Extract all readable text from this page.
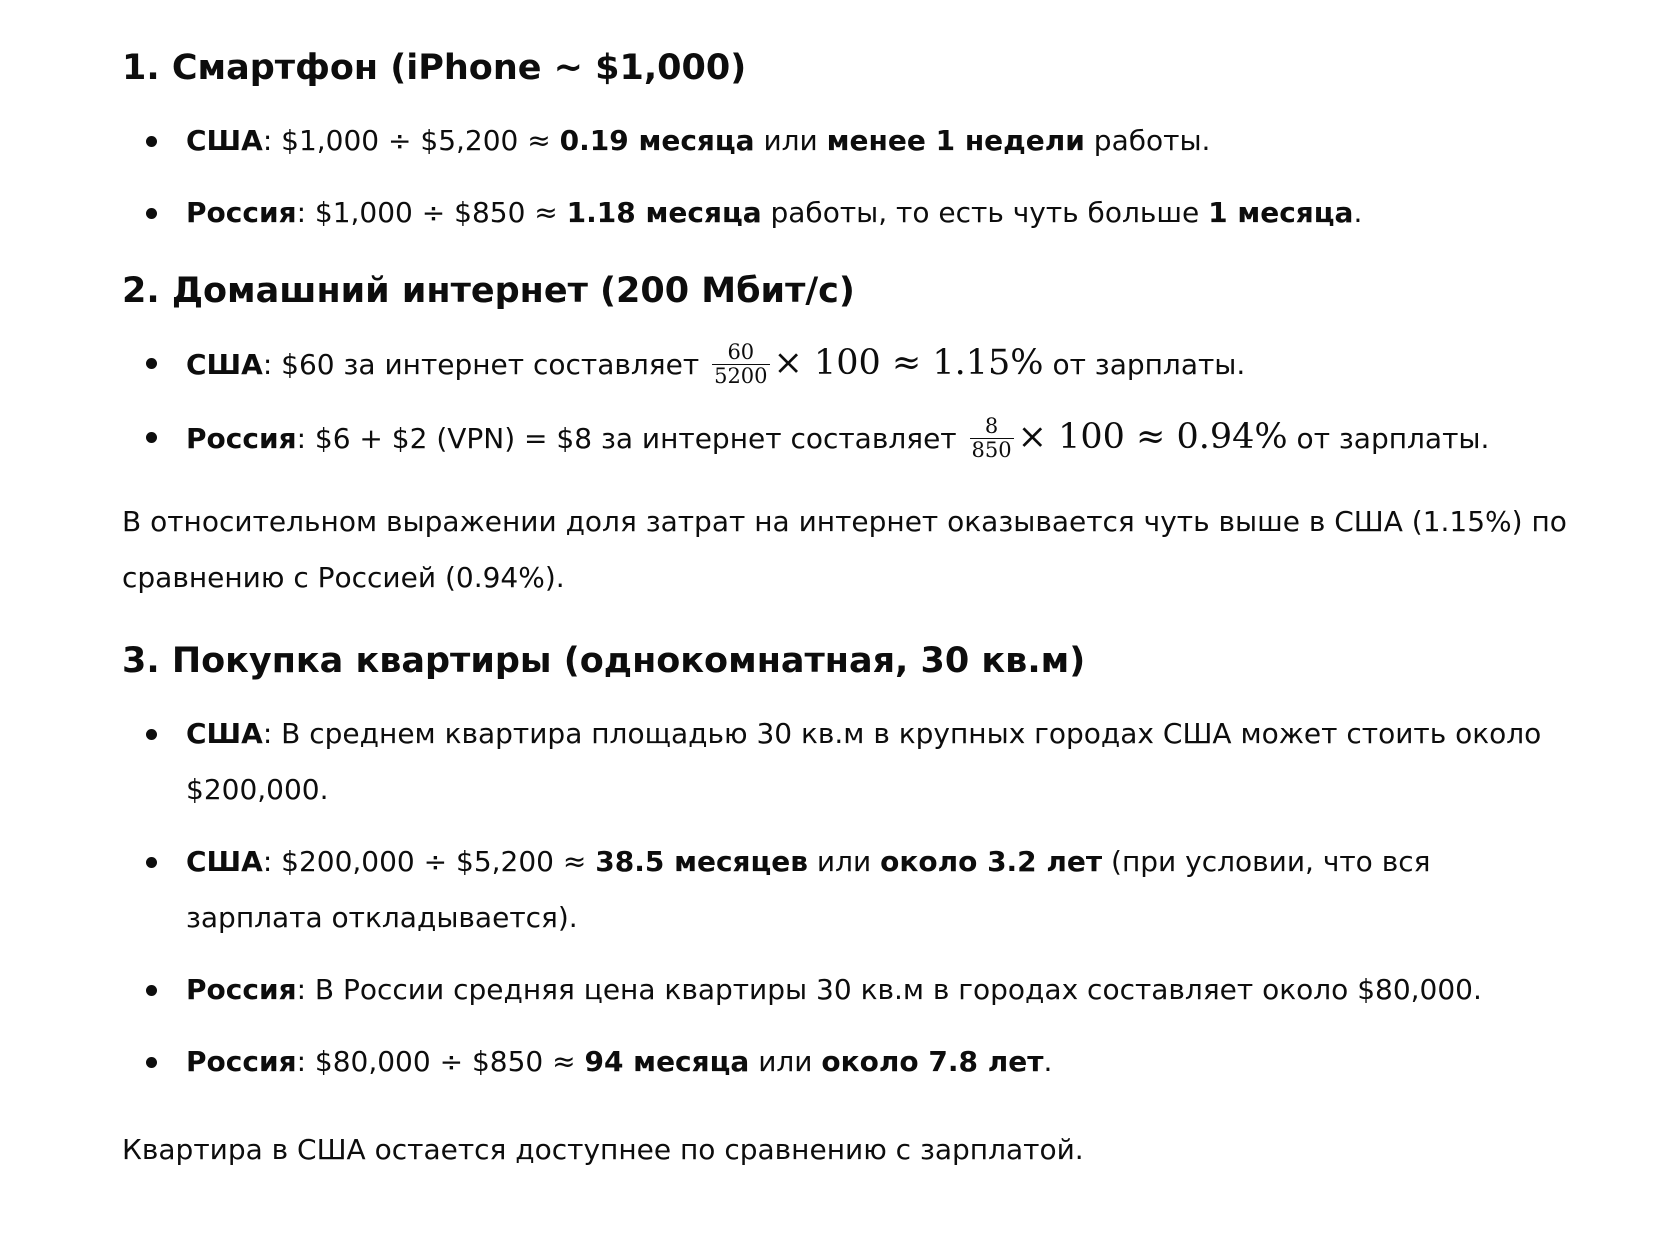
1. Смартфон (iPhone ~ $1,000)
США: $1,000 ÷ $5,200 ≈ 0.19 месяца или менее 1 недели работы.
Россия: $1,000 ÷ $850 ≈ 1.18 месяца работы, то есть чуть больше 1 месяца.
2. Домашний интернет (200 Мбит/с)
США: $60 за интернет составляет $\frac{60}{5200} \times 100 \approx 1.15\%$ от зарплаты.
Россия: $6 + $2 (VPN) = $8 за интернет составляет $\frac{8}{850} \times 100 \approx 0.94\%$ от зарплаты.

В относительном выражении доля затрат на интернет оказывается чуть выше в США (1.15%) по сравнению с Россией (0.94%).

3. Покупка квартиры (однокомнатная, 30 кв.м)
США: В среднем квартира площадью 30 кв.м в крупных городах США может стоить около $200,000.
США: $200,000 ÷ $5,200 ≈ 38.5 месяцев или около 3.2 лет (при условии, что вся зарплата откладывается).
Россия: В России средняя цена квартиры 30 кв.м в городах составляет около $80,000.
Россия: $80,000 ÷ $850 ≈ 94 месяца или около 7.8 лет.

Квартира в США остается доступнее по сравнению с зарплатой.
